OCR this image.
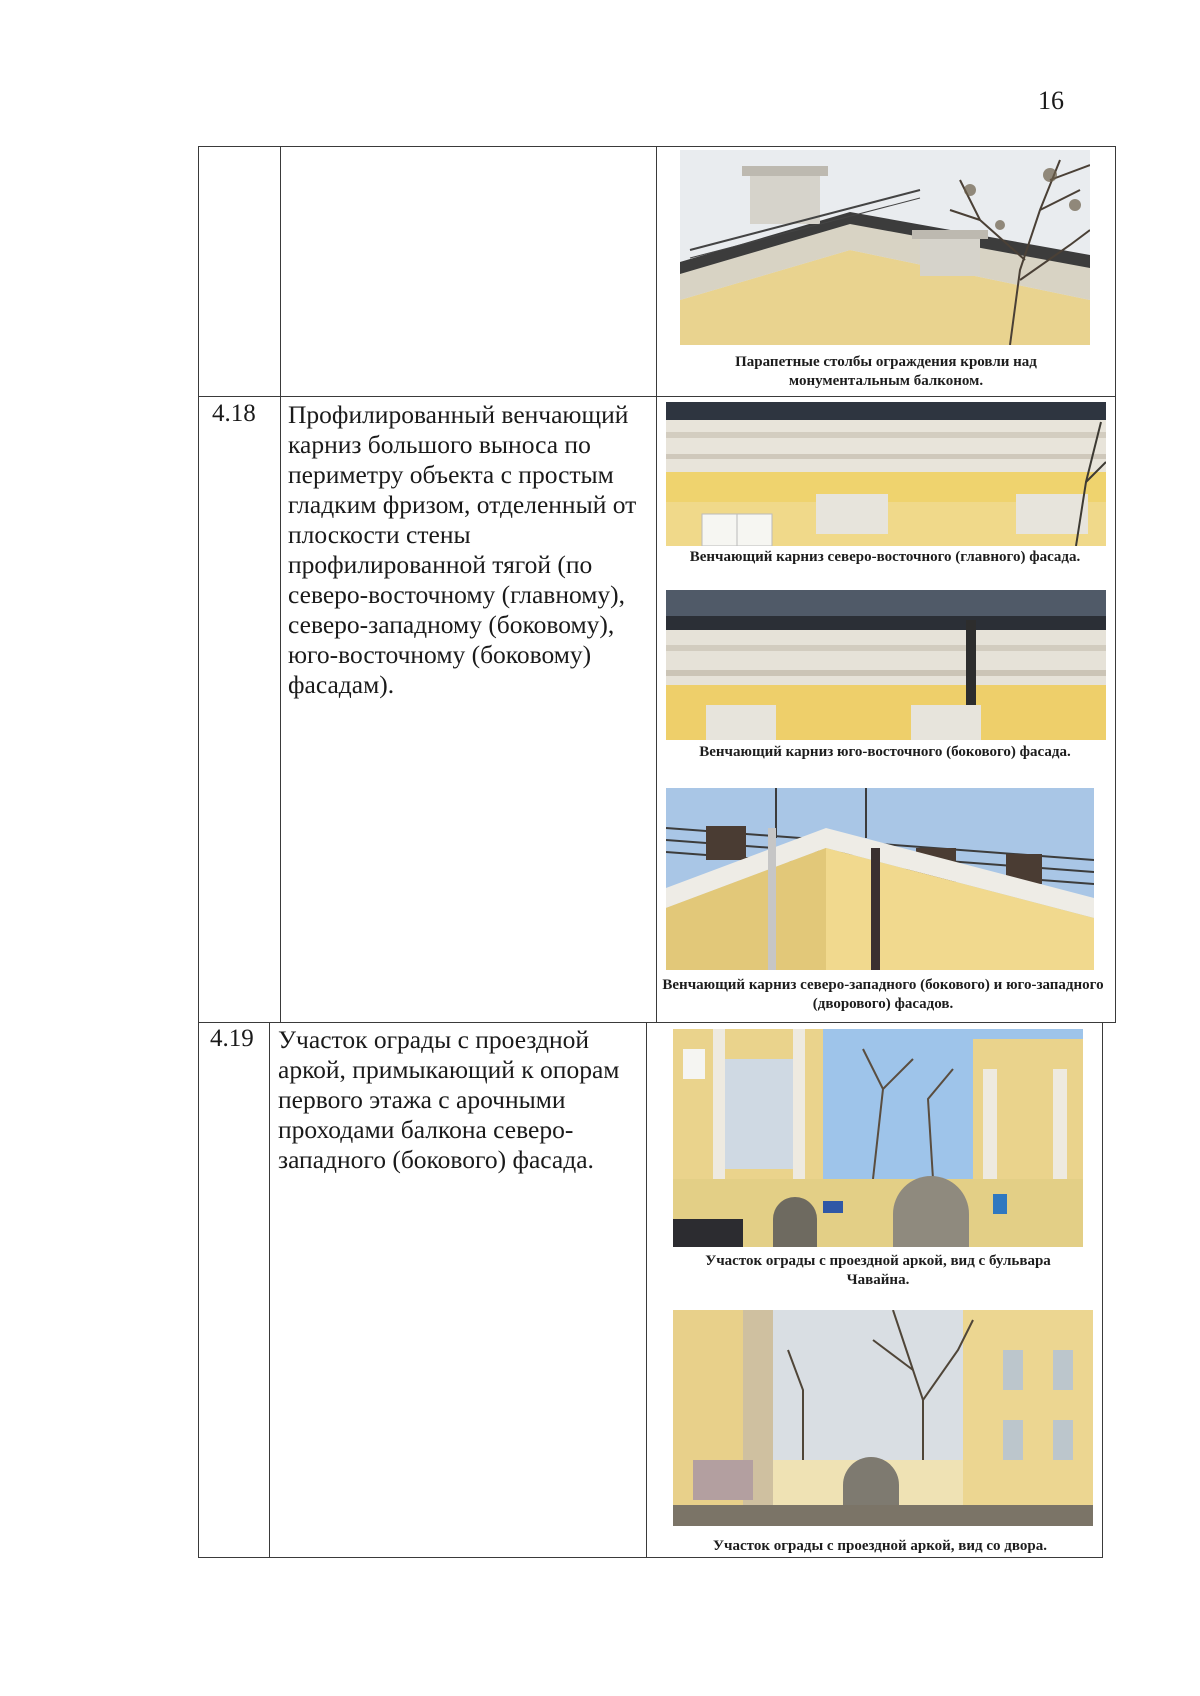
16
Парапетные столбы ограждения кровли над монументальным балконом.
4.18 Профилированный венчающий карниз большого выноса по периметру объекта с простым гладким фризом, отделенный от плоскости стены профилированной тягой (по северо-восточному (главному), северо-западному (боковому), юго-восточному (боковому) фасадам).
Венчающий карниз северо-восточного (главного) фасада.
Венчающий карниз юго-восточного (бокового) фасада.
Венчающий карниз северо-западного (бокового) и юго-западного (дворового) фасадов.
4.19 Участок ограды с проездной аркой, примыкающий к опорам первого этажа с арочными проходами балкона северо-западного (бокового) фасада.
Участок ограды с проездной аркой, вид с бульвара Чавайна.
Участок ограды с проездной аркой, вид со двора.
